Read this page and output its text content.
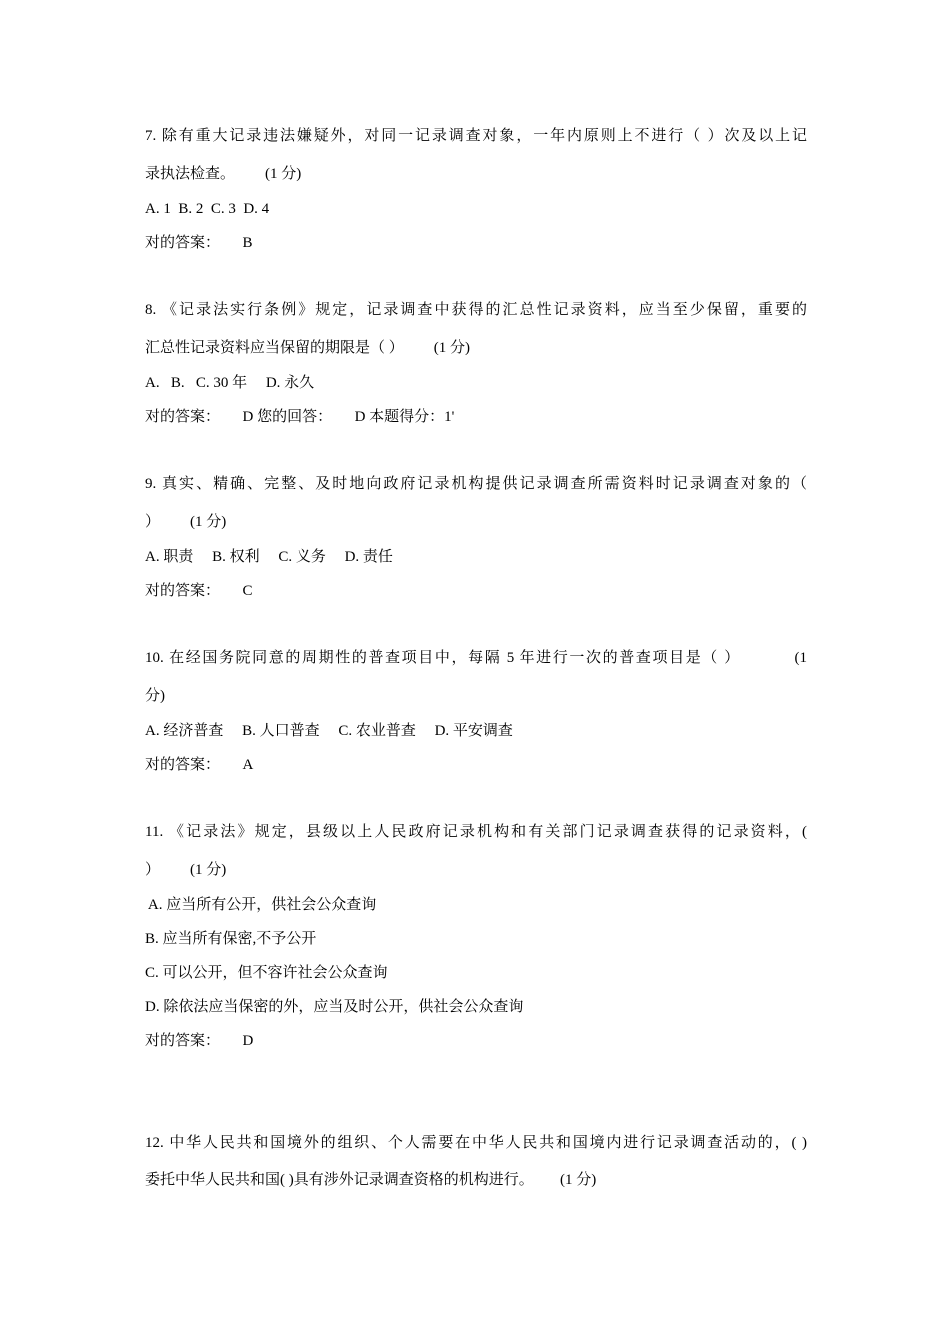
7. 除有重大记录违法嫌疑外，对同一记录调查对象，一年内原则上不进行（ ）次及以上记
录执法检查。        (1 分)
A. 1  B. 2  C. 3  D. 4
对的答案：      B
8. 《记录法实行条例》规定，记录调查中获得的汇总性记录资料，应当至少保留，重要的
汇总性记录资料应当保留的期限是（ ）        (1 分)
A.   B.   C. 30 年     D. 永久
对的答案：      D 您的回答：      D 本题得分：1'
9. 真实、精确、完整、及时地向政府记录机构提供记录调查所需资料时记录调查对象的（
）        (1 分)
A. 职责     B. 权利     C. 义务     D. 责任
对的答案：      C
10. 在经国务院同意的周期性的普查项目中，每隔 5 年进行一次的普查项目是（ ）          (1
分)
A. 经济普查     B. 人口普查     C. 农业普查     D. 平安调查
对的答案：      A
11. 《记录法》规定，县级以上人民政府记录机构和有关部门记录调查获得的记录资料，(
）        (1 分)
A. 应当所有公开，供社会公众查询
B. 应当所有保密,不予公开
C. 可以公开，但不容许社会公众查询
D. 除依法应当保密的外，应当及时公开，供社会公众查询
对的答案：      D
12. 中华人民共和国境外的组织、个人需要在中华人民共和国境内进行记录调查活动的，( )
委托中华人民共和国( )具有涉外记录调查资格的机构进行。       (1 分)
